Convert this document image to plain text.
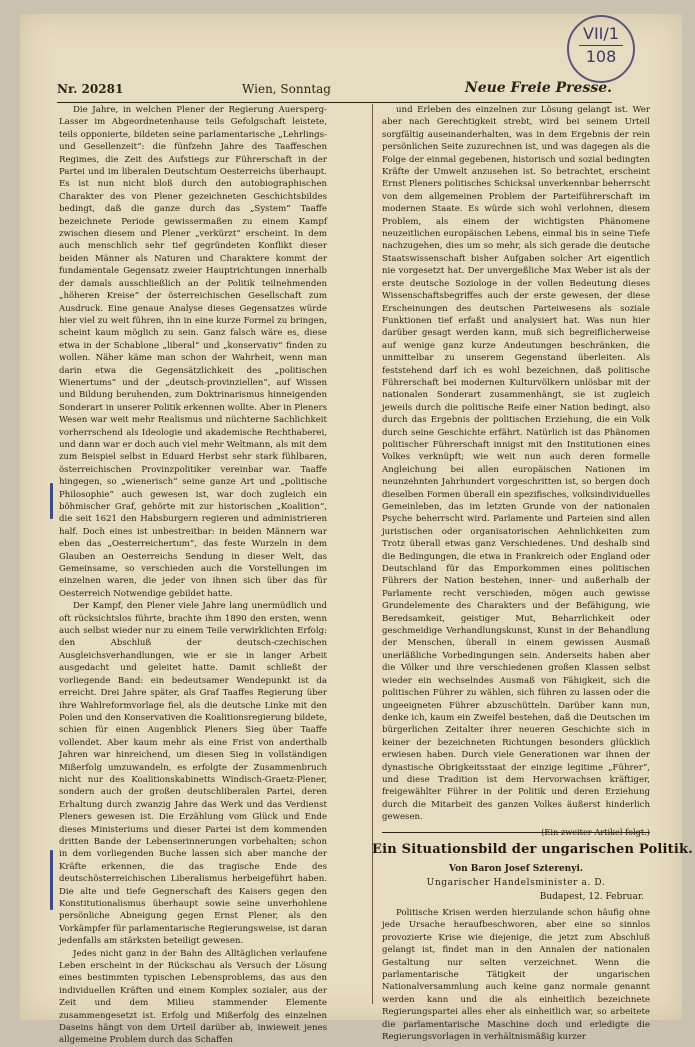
VII/1
108
Nr. 20281	Wien, Sonntag	Neue Freie Presse.

Die Jahre, in welchen Plener der Regierung Auersperg-Lasser im Abgeordnetenhause teils Gefolgschaft leistete, teils opponierte, bildeten seine parlamentarische „Lehrlings- und Gesellenzeit“: die fünfzehn Jahre des Taaffeschen Regimes, die Zeit des Aufstiegs zur Führerschaft in der Partei und im liberalen Deutschtum Oesterreichs überhaupt. Es ist nun nicht bloß durch den autobiographischen Charakter des von Plener gezeichneten Geschichtsbildes bedingt, daß die ganze durch das „System“ Taaffe bezeichnete Periode gewissermaßen zu einem Kampf zwischen diesem und Plener „verkürzt“ erscheint. In dem auch menschlich sehr tief gegründeten Konflikt dieser beiden Männer als Naturen und Charaktere kommt der fundamentale Gegensatz zweier Hauptrichtungen innerhalb der damals ausschließlich an der Politik teilnehmenden „höheren Kreise“ der österreichischen Gesellschaft zum Ausdruck. Eine genaue Analyse dieses Gegensatzes würde hier viel zu weit führen, ihn in eine kurze Formel zu bringen, scheint kaum möglich zu sein. Ganz falsch wäre es, diese etwa in der Schablone „liberal“ und „konservativ“ finden zu wollen. Näher käme man schon der Wahrheit, wenn man darin etwa die Gegensätzlichkeit des „politischen Wienertums“ und der „deutsch-provinziellen“, auf Wissen und Bildung beruhenden, zum Doktrinarismus hinneigenden Sonderart in unserer Politik erkennen wollte. Aber in Pleners Wesen war weit mehr Realismus und nüchterne Sachlichkeit vorherrschend als Ideologie und akademische Rechthaberei, und dann war er doch auch viel mehr Weltmann, als mit dem zum Beispiel selbst in Eduard Herbst sehr stark fühlbaren, österreichischen Provinzpolitiker vereinbar war. Taaffe hingegen, so „wienerisch“ seine ganze Art und „politische Philosophie“ auch gewesen ist, war doch zugleich ein böhmischer Graf, gehörte mit zur historischen „Koalition“, die seit 1621 den Habsburgern regieren und administrieren half. Doch eines ist unbestreitbar: in beiden Männern war eben das „Oesterreichertum“, das feste Wurzeln in dem Glauben an Oesterreichs Sendung in dieser Welt, das Gemeinsame, so verschieden auch die Vorstellungen im einzelnen waren, die jeder von ihnen sich über das für Oesterreich Notwendige gebildet hatte.

Der Kampf, den Plener viele Jahre lang unermüdlich und oft rücksichtslos führte, brachte ihm 1890 den ersten, wenn auch selbst wieder nur zu einem Teile verwirklichten Erfolg: den Abschluß der deutsch-czechischen Ausgleichsverhandlungen, wie er sie in langer Arbeit ausgedacht und geleitet hatte. Damit schließt der vorliegende Band: ein bedeutsamer Wendepunkt ist da erreicht. Drei Jahre später, als Graf Taaffes Regierung über ihre Wahlreformvorlage fiel, als die deutsche Linke mit den Polen und den Konservativen die Koalitionsregierung bildete, schien für einen Augenblick Pleners Sieg über Taaffe vollendet. Aber kaum mehr als eine Frist von anderthalb Jahren war hinreichend, um diesen Sieg in vollständigen Mißerfolg umzuwandeln, es erfolgte der Zusammenbruch nicht nur des Koalitionskabinetts Windisch-Graetz-Plener, sondern auch der großen deutschliberalen Partei, deren Erhaltung durch zwanzig Jahre das Werk und das Verdienst Pleners gewesen ist. Die Erzählung vom Glück und Ende dieses Ministeriums und dieser Partei ist dem kommenden dritten Bande der Lebenserinnerungen vorbehalten; schon in dem vorliegenden Buche lassen sich aber manche der Kräfte erkennen, die das tragische Ende des deutschösterreichischen Liberalismus herbeigeführt haben. Die alte und tiefe Gegnerschaft des Kaisers gegen den Konstitutionalismus überhaupt sowie seine unverhohlene persönliche Abneigung gegen Ernst Plener, als den Vorkämpfer für parlamentarische Regierungsweise, ist daran jedenfalls am stärksten beteiligt gewesen.

Jedes nicht ganz in der Bahn des Alltäglichen verlaufene Leben erscheint in der Rückschau als Versuch der Lösung eines bestimmten typischen Lebensproblems, das aus den individuellen Kräften und einem Komplex sozialer, aus der Zeit und dem Milieu stammender Elemente zusammengesetzt ist. Erfolg und Mißerfolg des einzelnen Daseins hängt von dem Urteil darüber ab, inwieweit jenes allgemeine Problem durch das Schaffen

und Erleben des einzelnen zur Lösung gelangt ist. Wer aber nach Gerechtigkeit strebt, wird bei seinem Urteil sorgfältig auseinanderhalten, was in dem Ergebnis der rein persönlichen Seite zuzurechnen ist, und was dagegen als die Folge der einmal gegebenen, historisch und sozial bedingten Kräfte der Umwelt anzusehen ist. So betrachtet, erscheint Ernst Pleners politisches Schicksal unverkennbar beherrscht von dem allgemeinen Problem der Parteiführerschaft im modernen Staate. Es würde sich wohl verlohnen, diesem Problem, als einem der wichtigsten Phänomene neuzeitlichen europäischen Lebens, einmal bis in seine Tiefe nachzugehen, dies um so mehr, als sich gerade die deutsche Staatswissenschaft bisher Aufgaben solcher Art eigentlich nie vorgesetzt hat. Der unvergeßliche Max Weber ist als der erste deutsche Soziologe in der vollen Bedeutung dieses Wissenschaftsbegriffes auch der erste gewesen, der diese Erscheinungen des deutschen Parteiwesens als soziale Funktionen tief erfaßt und analysiert hat. Was nun hier darüber gesagt werden kann, muß sich begreiflicherweise auf wenige ganz kurze Andeutungen beschränken, die unmittelbar zu unserem Gegenstand überleiten. Als feststehend darf ich es wohl bezeichnen, daß politische Führerschaft bei modernen Kulturvölkern unlösbar mit der nationalen Sonderart zusammenhängt, sie ist zugleich jeweils durch die politische Reife einer Nation bedingt, also durch das Ergebnis der politischen Erziehung, die ein Volk durch seine Geschichte erfährt. Natürlich ist das Phänomen politischer Führerschaft innigst mit den Institutionen eines Volkes verknüpft; wie weit nun auch deren formelle Angleichung bei allen europäischen Nationen im neunzehnten Jahrhundert vorgeschritten ist, so bergen doch dieselben Formen überall ein spezifisches, volksindividuelles Gemeinleben, das im letzten Grunde von der nationalen Psyche beherrscht wird. Parlamente und Parteien sind allen juristischen oder organisatorischen Aehnlichkeiten zum Trotz überall etwas ganz Verschiedenes. Und deshalb sind die Bedingungen, die etwa in Frankreich oder England oder Deutschland für das Emporkommen eines politischen Führers der Nation bestehen, inner- und außerhalb der Parlamente recht verschieden, mögen auch gewisse Grundelemente des Charakters und der Befähigung, wie Beredsamkeit, geistiger Mut, Beharrlichkeit oder geschmeidige Verhandlungskunst, Kunst in der Behandlung der Menschen, überall in einem gewissen Ausmaß unerläßliche Vorbedingungen sein. Anderseits haben aber die Völker und ihre verschiedenen großen Klassen selbst wieder ein wechselndes Ausmaß von Fähigkeit, sich die politischen Führer zu wählen, sich führen zu lassen oder die ungeeigneten Führer abzuschütteln. Darüber kann nun, denke ich, kaum ein Zweifel bestehen, daß die Deutschen im bürgerlichen Zeitalter ihrer neueren Geschichte sich in keiner der bezeichneten Richtungen besonders glücklich erwiesen haben. Durch viele Generationen war ihnen der dynastische Obrigkeitsstaat der einzige legitime „Führer“, und diese Tradition ist dem Hervorwachsen kräftiger, freigewählter Führer in der Politik und deren Erziehung durch die Mitarbeit des ganzen Volkes äußerst hinderlich gewesen.

Ein Situationsbild der ungarischen Politik.
Von Baron Josef Szterenyi.
Ungarischer Handelsminister a. D.
Budapest, 12. Februar.

Politische Krisen werden hierzulande schon häufig ohne jede Ursache heraufbeschworen, aber eine so sinnlos provozierte Krise wie diejenige, die jetzt zum Abschluß gelangt ist, findet man in den Annalen der nationalen Gestaltung nur selten verzeichnet. Wenn die parlamentarische Tätigkeit der ungarischen Nationalversammlung auch keine ganz normale genannt werden kann und die als einheitlich bezeichnete Regierungspartei alles eher als einheitlich war, so arbeitete die parlamentarische Maschine doch und erledigte die Regierungsvorlagen in verhältnismäßig kurzer
